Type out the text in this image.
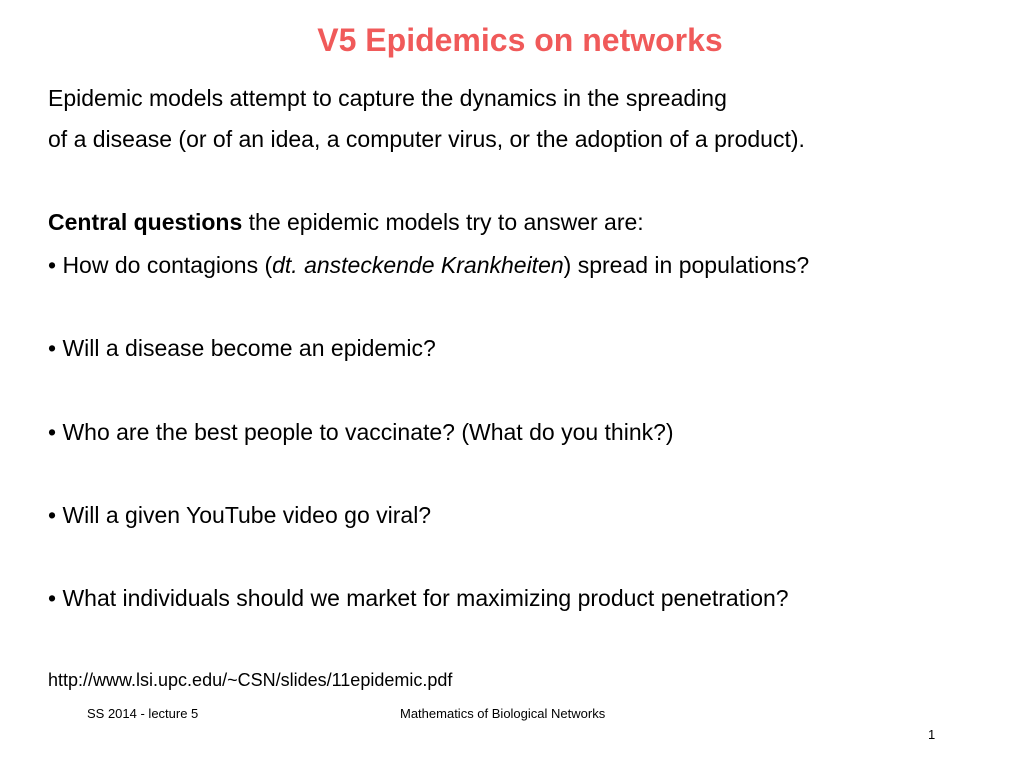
V5 Epidemics on networks
Epidemic models attempt to capture the dynamics in the spreading
of a disease (or of an idea, a computer virus, or the adoption of a product).
Central questions the epidemic models try to answer are:
• How do contagions (dt. ansteckende Krankheiten) spread in populations?
• Will a disease become an epidemic?
• Who are the best people to vaccinate? (What do you think?)
• Will a given YouTube video go viral?
• What individuals should we market for maximizing product penetration?
http://www.lsi.upc.edu/~CSN/slides/11epidemic.pdf
SS 2014 - lecture 5	Mathematics of Biological Networks
1
